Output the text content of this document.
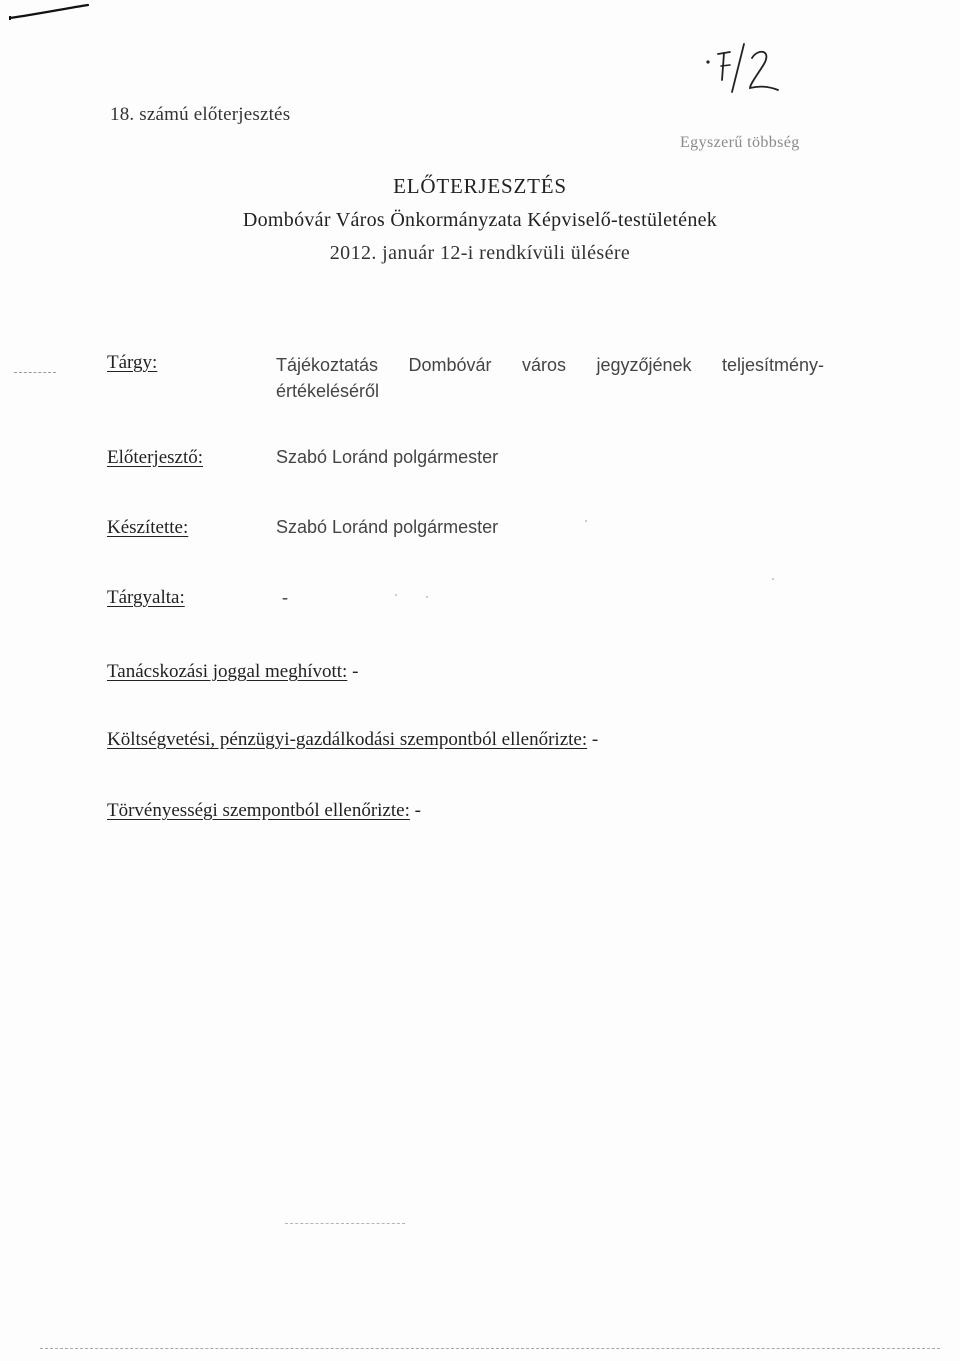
18. számú előterjesztés
Egyszerű többség
ELŐTERJESZTÉS
Dombóvár Város Önkormányzata Képviselő-testületének
2012. január 12-i rendkívüli ülésére
Tárgy:	Tájékoztatás Dombóvár város jegyzőjének teljesítmény-értékeléséről
Előterjesztő:	Szabó Loránd polgármester
Készítette:	Szabó Loránd polgármester
Tárgyalta:	-
Tanácskozási joggal meghívott: -
Költségvetési, pénzügyi-gazdálkodási szempontból ellenőrizte: -
Törvényességi szempontból ellenőrizte: -
